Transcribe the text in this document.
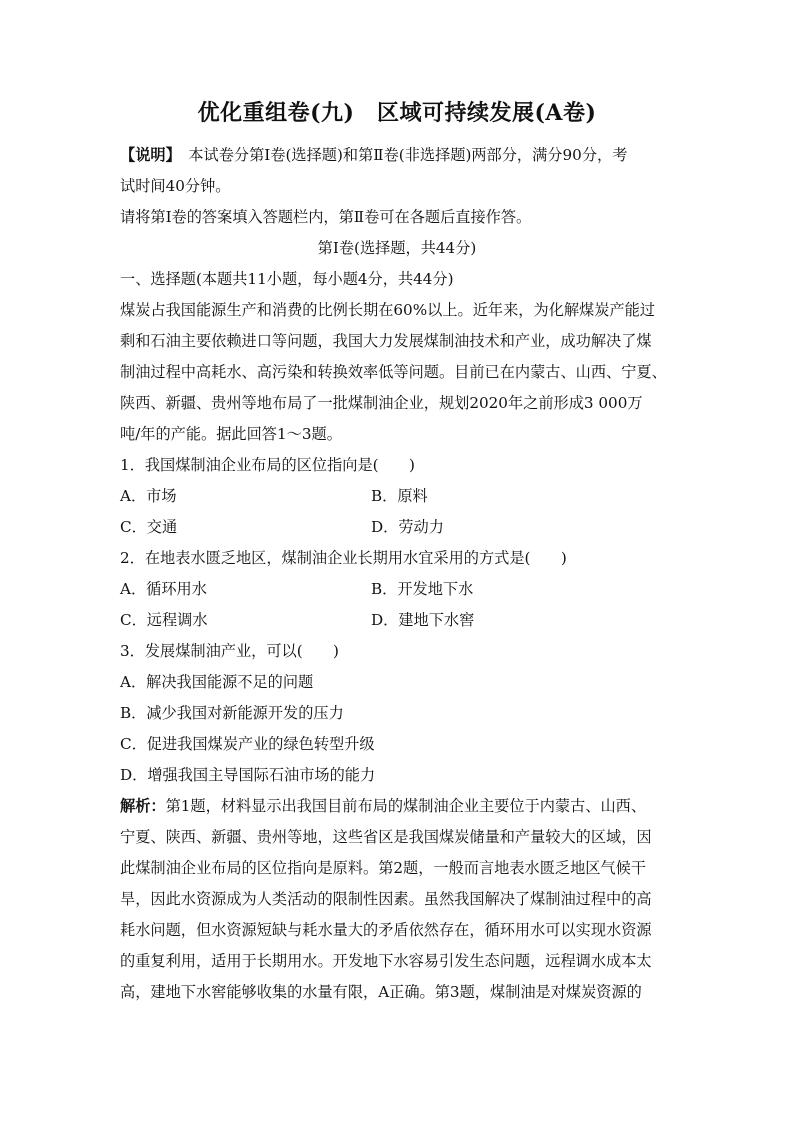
优化重组卷(九)　区域可持续发展(A卷)
【说明】　本试卷分第Ⅰ卷(选择题)和第Ⅱ卷(非选择题)两部分，满分90分，考
试时间40分钟。
请将第Ⅰ卷的答案填入答题栏内，第Ⅱ卷可在各题后直接作答。
第Ⅰ卷(选择题，共44分)
一、选择题(本题共11小题，每小题4分，共44分)
煤炭占我国能源生产和消费的比例长期在60%以上。近年来，为化解煤炭产能过
剩和石油主要依赖进口等问题，我国大力发展煤制油技术和产业，成功解决了煤
制油过程中高耗水、高污染和转换效率低等问题。目前已在内蒙古、山西、宁夏、
陕西、新疆、贵州等地布局了一批煤制油企业，规划2020年之前形成3 000万
吨/年的产能。据此回答1～3题。
1．我国煤制油企业布局的区位指向是(　　)
A．市场	B．原料
C．交通	D．劳动力
2．在地表水匮乏地区，煤制油企业长期用水宜采用的方式是(　　)
A．循环用水	B．开发地下水
C．远程调水	D．建地下水窖
3．发展煤制油产业，可以(　　)
A．解决我国能源不足的问题
B．减少我国对新能源开发的压力
C．促进我国煤炭产业的绿色转型升级
D．增强我国主导国际石油市场的能力
解析：第1题，材料显示出我国目前布局的煤制油企业主要位于内蒙古、山西、
宁夏、陕西、新疆、贵州等地，这些省区是我国煤炭储量和产量较大的区域，因
此煤制油企业布局的区位指向是原料。第2题，一般而言地表水匮乏地区气候干
旱，因此水资源成为人类活动的限制性因素。虽然我国解决了煤制油过程中的高
耗水问题，但水资源短缺与耗水量大的矛盾依然存在，循环用水可以实现水资源
的重复利用，适用于长期用水。开发地下水容易引发生态问题，远程调水成本太
高，建地下水窖能够收集的水量有限，A正确。第3题，煤制油是对煤炭资源的
